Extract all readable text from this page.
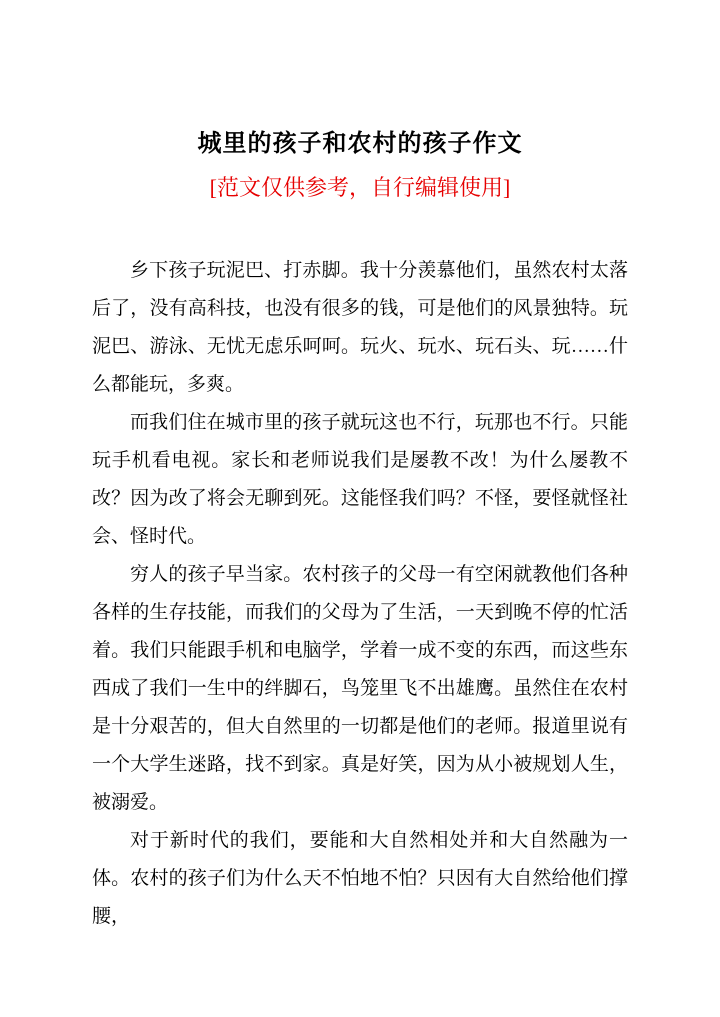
城里的孩子和农村的孩子作文
[范文仅供参考，自行编辑使用]

乡下孩子玩泥巴、打赤脚。我十分羡慕他们，虽然农村太落后了，没有高科技，也没有很多的钱，可是他们的风景独特。玩泥巴、游泳、无忧无虑乐呵呵。玩火、玩水、玩石头、玩……什么都能玩，多爽。

而我们住在城市里的孩子就玩这也不行，玩那也不行。只能玩手机看电视。家长和老师说我们是屡教不改！为什么屡教不改？因为改了将会无聊到死。这能怪我们吗？不怪，要怪就怪社会、怪时代。

穷人的孩子早当家。农村孩子的父母一有空闲就教他们各种各样的生存技能，而我们的父母为了生活，一天到晚不停的忙活着。我们只能跟手机和电脑学，学着一成不变的东西，而这些东西成了我们一生中的绊脚石，鸟笼里飞不出雄鹰。虽然住在农村是十分艰苦的，但大自然里的一切都是他们的老师。报道里说有一个大学生迷路，找不到家。真是好笑，因为从小被规划人生，被溺爱。

对于新时代的我们，要能和大自然相处并和大自然融为一体。农村的孩子们为什么天不怕地不怕？只因有大自然给他们撑腰，
